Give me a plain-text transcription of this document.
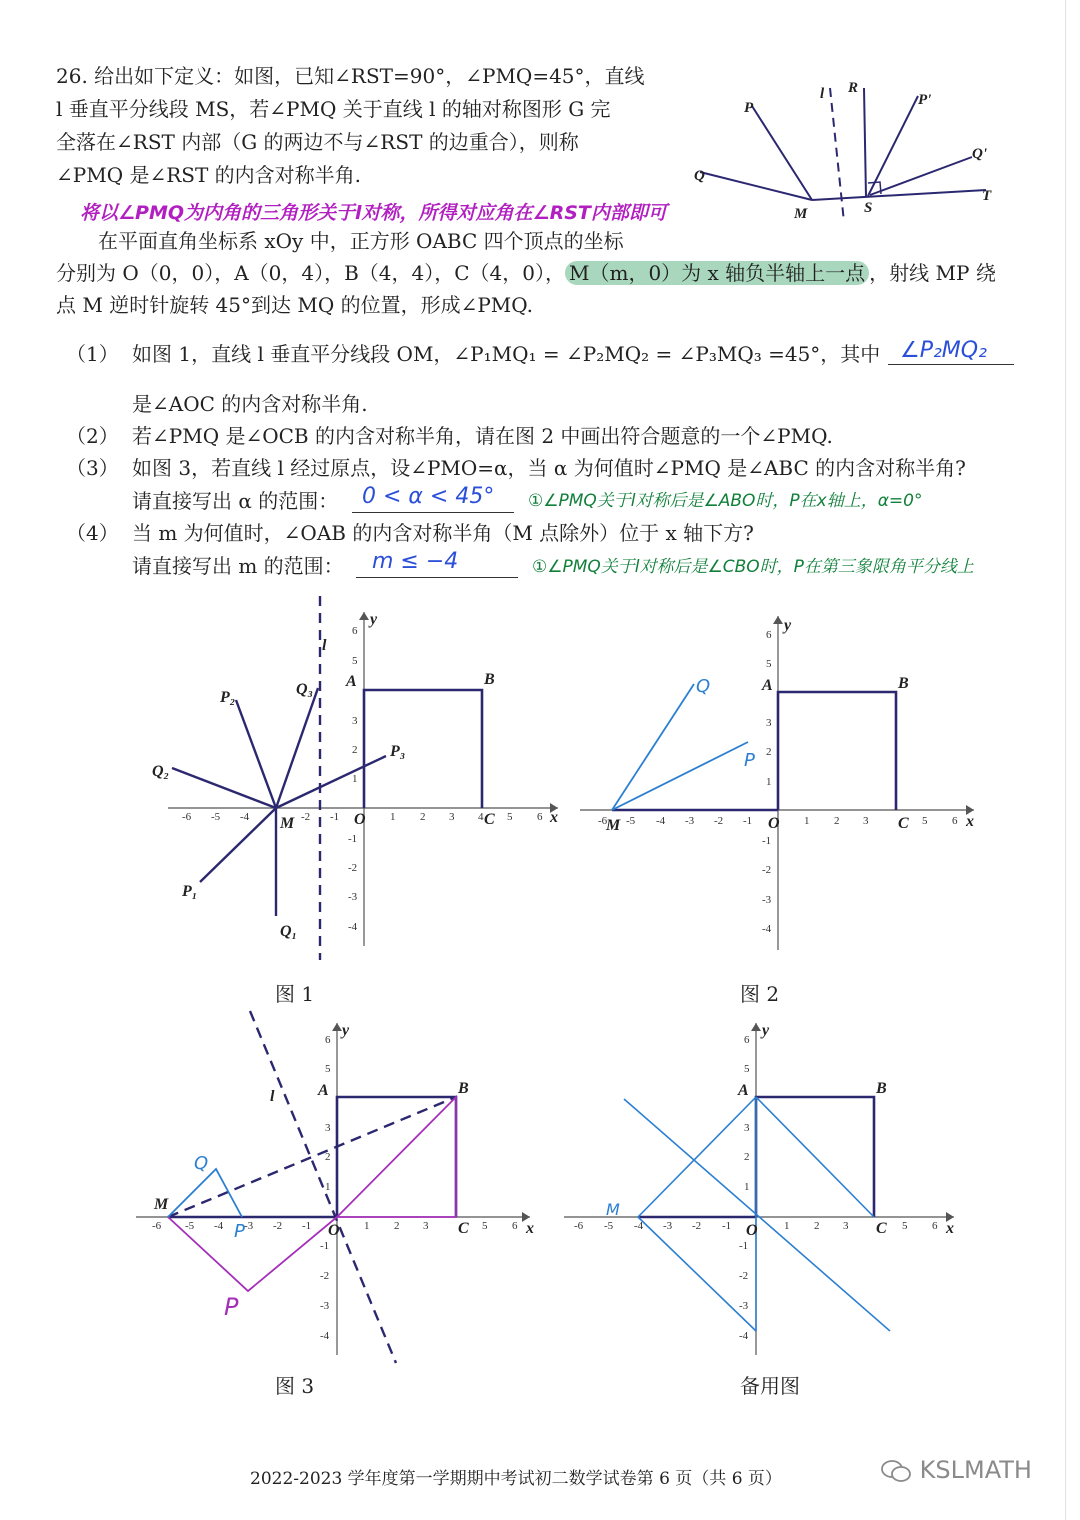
26. 给出如下定义：如图，已知∠RST=90°，∠PMQ=45°，直线
l 垂直平分线段 MS，若∠PMQ 关于直线 l 的轴对称图形 G 完
全落在∠RST 内部（G 的两边不与∠RST 的边重合），则称
∠PMQ 是∠RST 的内含对称半角.
将以∠PMQ为内角的三角形关于l对称，所得对应角在∠RST内部即可
在平面直角坐标系 xOy 中，正方形 OABC 四个顶点的坐标
分别为 O（0，0），A（0，4），B（4，4），C（4，0）， M（m，0）为 x 轴负半轴上一点 ，射线 MP 绕
点 M 逆时针旋转 45°到达 MQ 的位置，形成∠PMQ.
（1） 如图 1，直线 l 垂直平分线段 OM，∠P₁MQ₁ = ∠P₂MQ₂ = ∠P₃MQ₃ =45°，其中 ∠P₂MQ₂
是∠AOC 的内含对称半角.
（2） 若∠PMQ 是∠OCB 的内含对称半角，请在图 2 中画出符合题意的一个∠PMQ.
（3） 如图 3，若直线 l 经过原点，设∠PMO=α，当 α 为何值时∠PMQ 是∠ABC 的内含对称半角?
请直接写出 α 的范围： 0 < α < 45° ①∠PMQ关于l对称后是∠ABO时，P在x轴上，α=0°
（4） 当 m 为何值时，∠OAB 的内含对称半角（M 点除外）位于 x 轴下方?
请直接写出 m 的范围： m ≤ −4	①∠PMQ关于l对称后是∠CBO时，P在第三象限角平分线上
P
l R
P'
Q'
Q
M	S
T
-6 -5 -4	-2 -1	1 2 3 4 5 6
6
5
3
2
1
-1
-2
-3
-4
l
P₂	Q₃ A	B
P₃
Q₂
M	O	C	x
y
P₁
Q₁
图 1
-6 -5 -4 -3 -2 -1	1 2 3	5 6
6
5
3
2
1
-1
-2
-3
-4
Q
P
A	B
M	O	C	x
y
图 2
-6 -5 -4 -3 -2 -1	1 2 3	5 6
6
5
3
2
1
-1
-2
-3
-4
l	A	B
M
O	C	x
y
Q
P
P
图 3
-6 -5 -4 -3 -2 -1	1 2 3	5 6
6
5
3
2
1
-1
-2
-3
-4
A	B
O	C	x
y
M
备用图
2022-2023 学年度第一学期期中考试初二数学试卷第 6 页（共 6 页）	KSLMATH
